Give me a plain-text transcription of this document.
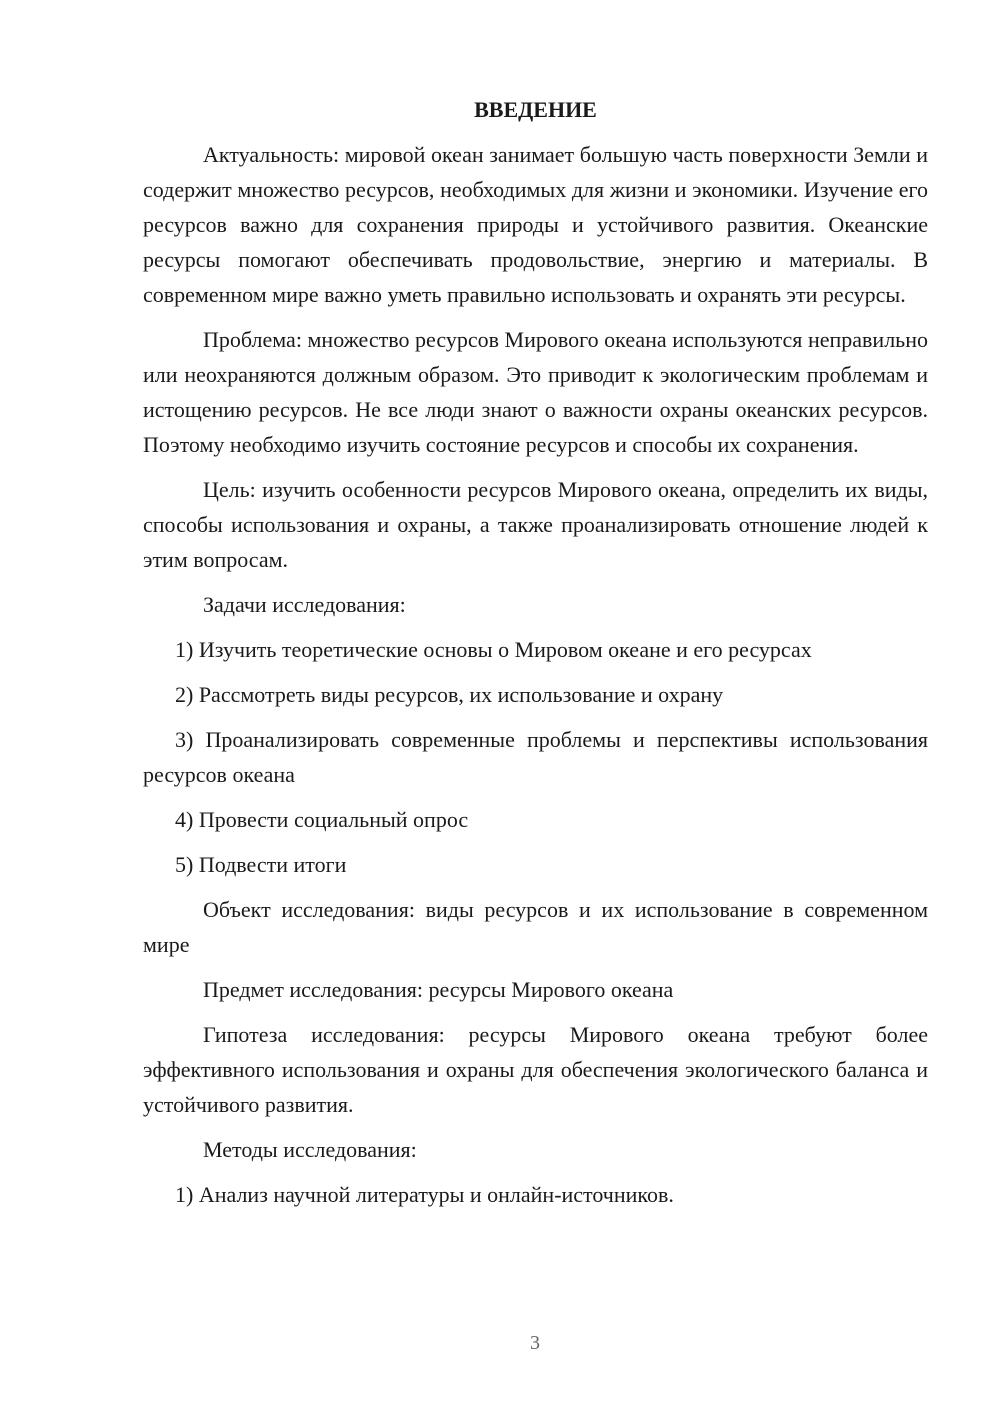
ВВЕДЕНИЕ

Актуальность: мировой океан занимает большую часть поверхности Земли и содержит множество ресурсов, необходимых для жизни и экономики. Изучение его ресурсов важно для сохранения природы и устойчивого развития. Океанские ресурсы помогают обеспечивать продовольствие, энергию и материалы. В современном мире важно уметь правильно использовать и охранять эти ресурсы.

Проблема: множество ресурсов Мирового океана используются неправильно или неохраняются должным образом. Это приводит к экологическим проблемам и истощению ресурсов. Не все люди знают о важности охраны океанских ресурсов. Поэтому необходимо изучить состояние ресурсов и способы их сохранения.

Цель: изучить особенности ресурсов Мирового океана, определить их виды, способы использования и охраны, а также проанализировать отношение людей к этим вопросам.

Задачи исследования:

1) Изучить теоретические основы о Мировом океане и его ресурсах

2) Рассмотреть виды ресурсов, их использование и охрану

3) Проанализировать современные проблемы и перспективы использования ресурсов океана

4) Провести социальный опрос

5) Подвести итоги

Объект исследования: виды ресурсов и их использование в современном мире

Предмет исследования: ресурсы Мирового океана

Гипотеза исследования: ресурсы Мирового океана требуют более эффективного использования и охраны для обеспечения экологического баланса и устойчивого развития.

Методы исследования:

1) Анализ научной литературы и онлайн-источников.

3
